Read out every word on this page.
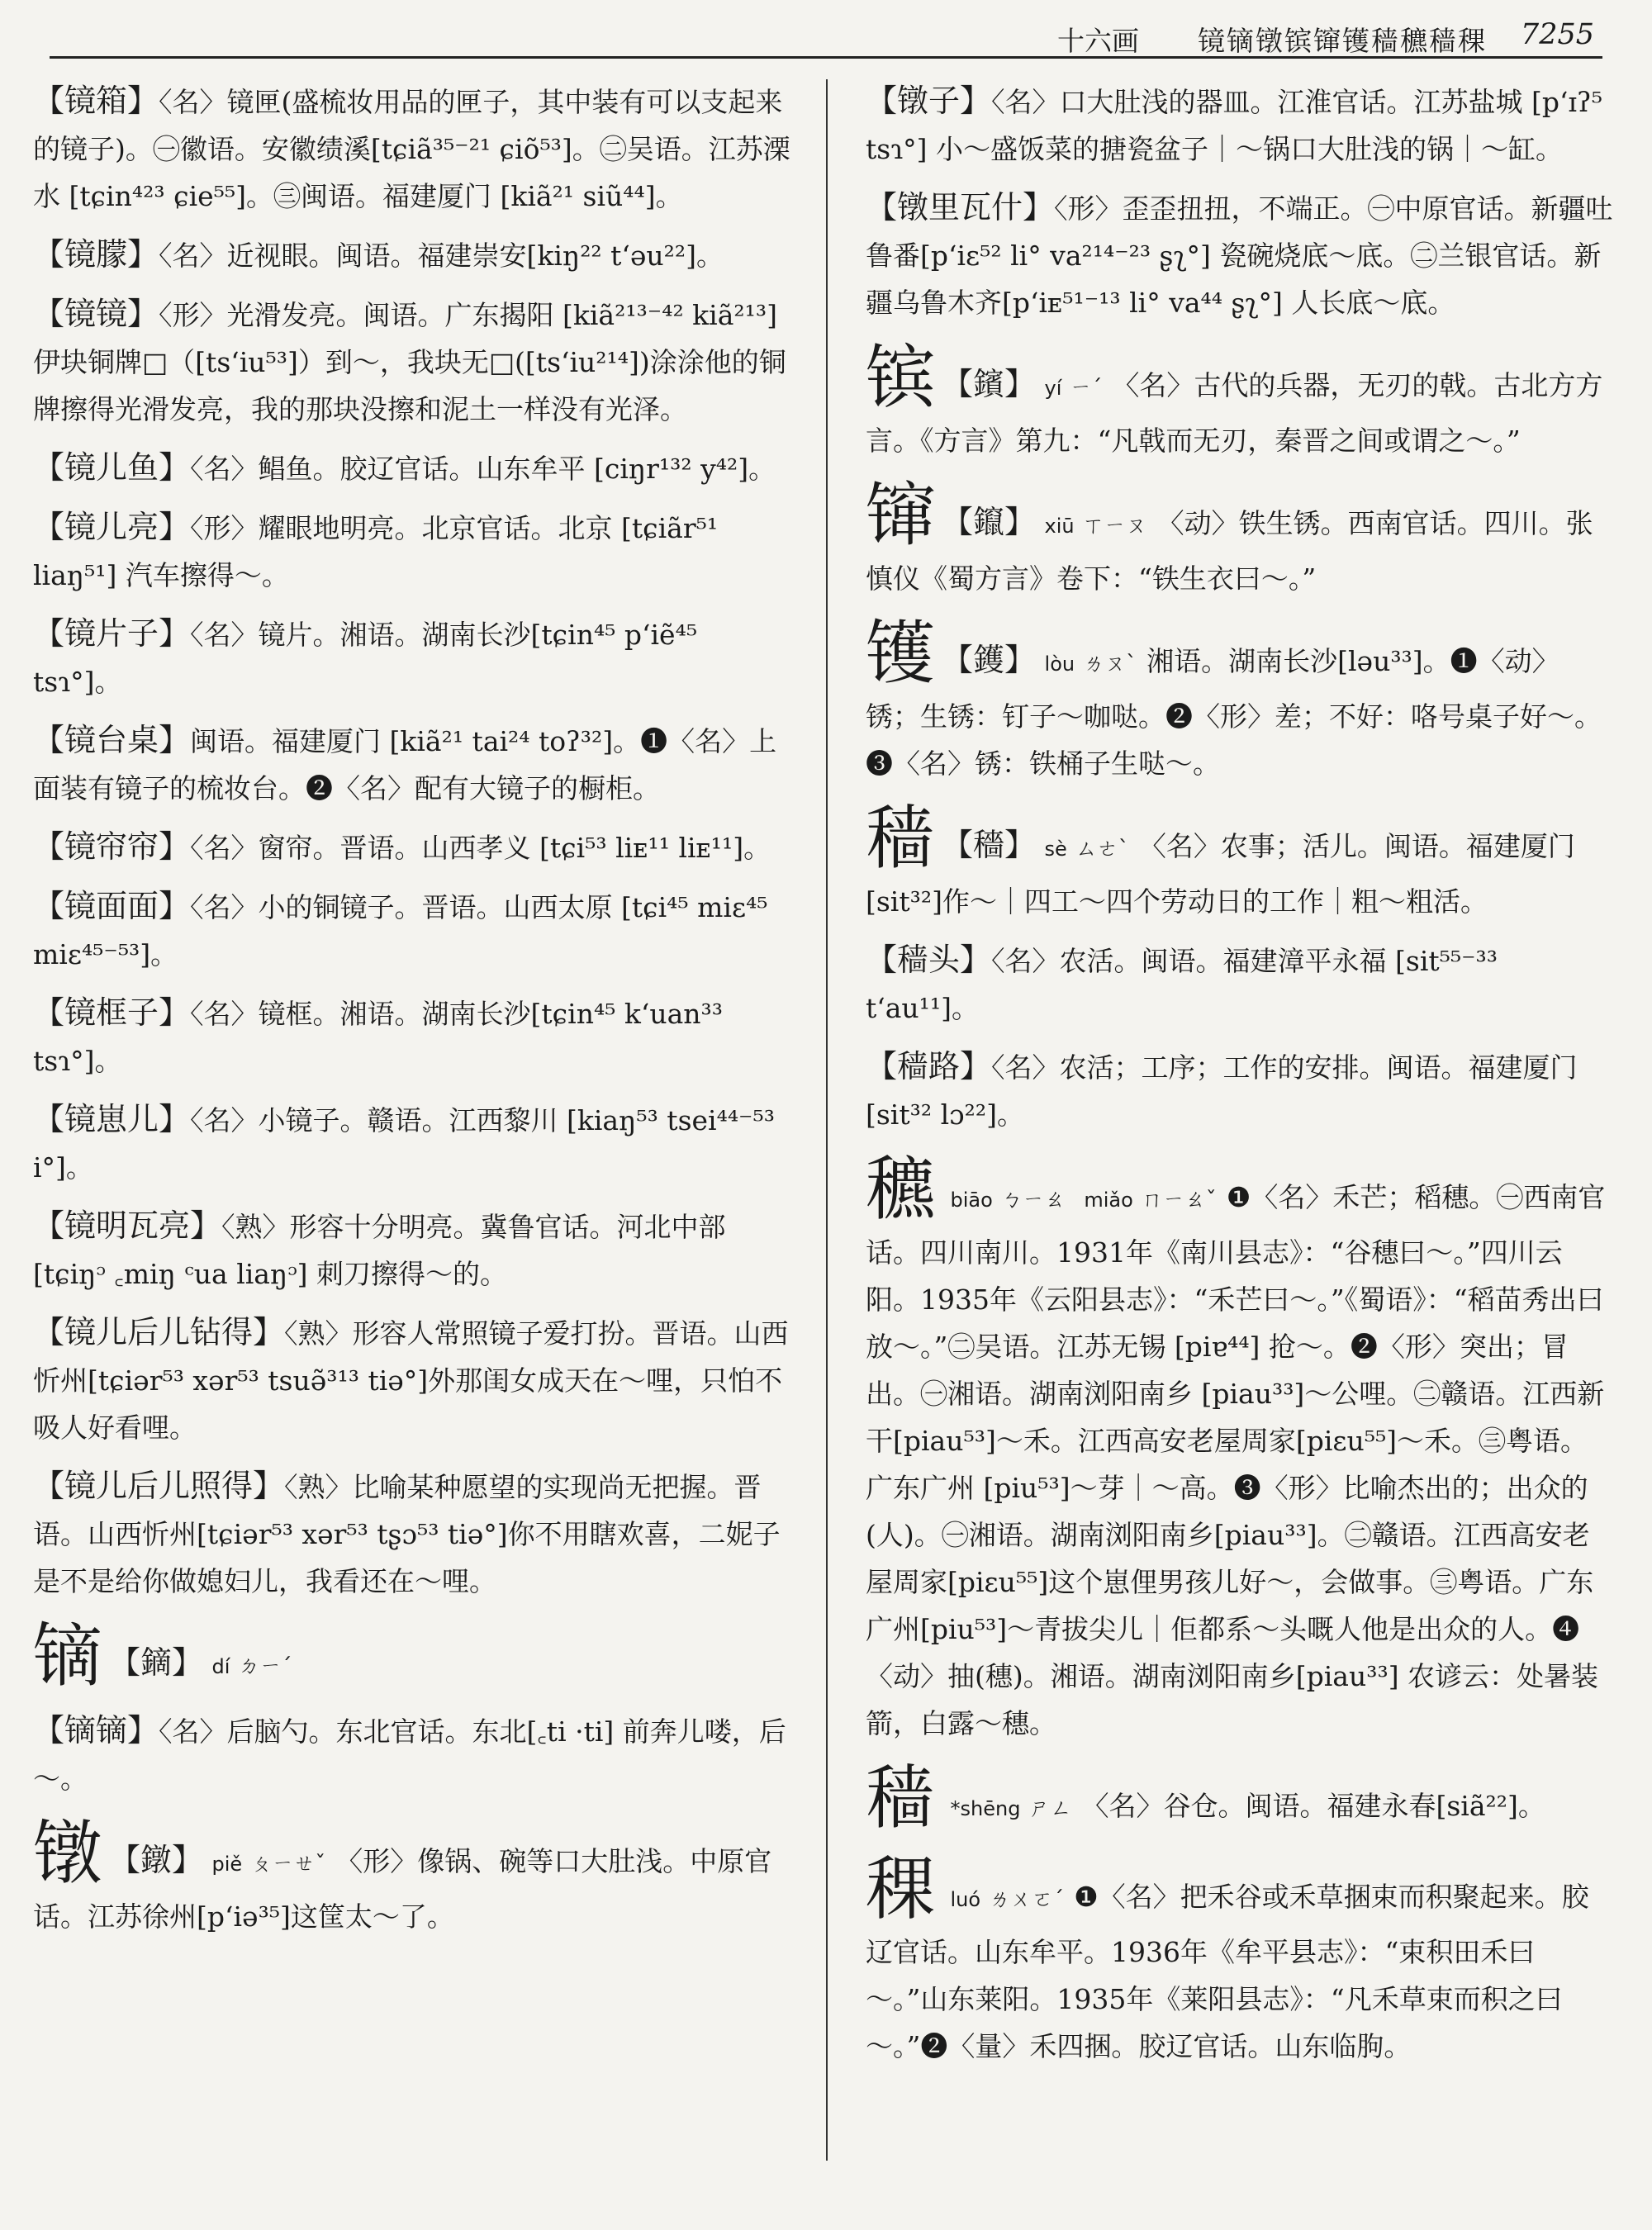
十六画 镜镝镦镔镩镬穑穮穑稞 7255
【镜箱】〈名〉镜匣(盛梳妆用品的匣子，其中装有可以支起来的镜子)。㊀徽语。安徽绩溪[tɕiã³⁵⁻²¹ ɕiõ⁵³]。㊁吴语。江苏溧水 [tɕin⁴²³ ɕie⁵⁵]。㊂闽语。福建厦门 [kiã²¹ siũ⁴⁴]。
【镜朦】〈名〉近视眼。闽语。福建崇安[kiŋ²² t‘əu²²]。
【镜镜】〈形〉光滑发亮。闽语。广东揭阳 [kiã²¹³⁻⁴² kiã²¹³] 伊块铜牌□（[ts‘iu⁵³]）到～，我块无□([ts‘iu²¹⁴])涂涂他的铜牌擦得光滑发亮，我的那块没擦和泥土一样没有光泽。
【镜儿鱼】〈名〉鲳鱼。胶辽官话。山东牟平 [ciŋr¹³² y⁴²]。
【镜儿亮】〈形〉耀眼地明亮。北京官话。北京 [tɕiãr⁵¹ liaŋ⁵¹] 汽车擦得～。
【镜片子】〈名〉镜片。湘语。湖南长沙[tɕin⁴⁵ p‘iẽ⁴⁵ tsɿ°]。
【镜台桌】闽语。福建厦门 [kiã²¹ tai²⁴ toʔ³²]。❶〈名〉上面装有镜子的梳妆台。❷〈名〉配有大镜子的橱柜。
【镜帘帘】〈名〉窗帘。晋语。山西孝义 [tɕi⁵³ liᴇ¹¹ liᴇ¹¹]。
【镜面面】〈名〉小的铜镜子。晋语。山西太原 [tɕi⁴⁵ miɛ⁴⁵ miɛ⁴⁵⁻⁵³]。
【镜框子】〈名〉镜框。湘语。湖南长沙[tɕin⁴⁵ k‘uan³³ tsɿ°]。
【镜崽儿】〈名〉小镜子。赣语。江西黎川 [kiaŋ⁵³ tsei⁴⁴⁻⁵³ i°]。
【镜明瓦亮】〈熟〉形容十分明亮。冀鲁官话。河北中部 [tɕiŋᵓ ꜀miŋ ᶜua liaŋᵓ] 刺刀擦得～的。
【镜儿后儿钻得】〈熟〉形容人常照镜子爱打扮。晋语。山西忻州[tɕiər⁵³ xər⁵³ tsuə̃³¹³ tiə°]外那闺女成天在～哩，只怕不吸人好看哩。
【镜儿后儿照得】〈熟〉比喻某种愿望的实现尚无把握。晋语。山西忻州[tɕiər⁵³ xər⁵³ tʂɔ⁵³ tiə°]你不用瞎欢喜，二妮子是不是给你做媳妇儿，我看还在～哩。
镝 【鏑】 dí ㄉㄧˊ
【镝镝】〈名〉后脑勺。东北官话。东北[꜀ti ·ti] 前奔儿喽，后～。
镦 【鐓】 piě ㄆㄧㄝˇ 〈形〉像锅、碗等口大肚浅。中原官话。江苏徐州[p‘iə³⁵]这筐太～了。
【镦子】〈名〉口大肚浅的器皿。江淮官话。江苏盐城 [p‘ɪʔ⁵ tsɿ°] 小～盛饭菜的搪瓷盆子｜～锅口大肚浅的锅｜～缸。
【镦里瓦什】〈形〉歪歪扭扭，不端正。㊀中原官话。新疆吐鲁番[p‘iɛ⁵² li° va²¹⁴⁻²³ ʂʅ°] 瓷碗烧底～底。㊁兰银官话。新疆乌鲁木齐[p‘iᴇ⁵¹⁻¹³ li° va⁴⁴ ʂʅ°] 人长底～底。
镔 【鑌】 yí ㄧˊ 〈名〉古代的兵器，无刃的戟。古北方方言。《方言》第九：“凡戟而无刃，秦晋之间或谓之～。”
镩 【鑹】 xiū ㄒㄧㄡ 〈动〉铁生锈。西南官话。四川。张慎仪《蜀方言》卷下：“铁生衣曰～。”
镬 【鑊】 lòu ㄌㄡˋ 湘语。湖南长沙[ləu³³]。❶〈动〉锈；生锈：钉子～咖哒。❷〈形〉差；不好：咯号桌子好～。❸〈名〉锈：铁桶子生哒～。
穑 【穡】 sè ㄙㄜˋ 〈名〉农事；活儿。闽语。福建厦门[sit³²]作～｜四工～四个劳动日的工作｜粗～粗活。
【穑头】〈名〉农活。闽语。福建漳平永福 [sit⁵⁵⁻³³ t‘au¹¹]。
【穑路】〈名〉农活；工序；工作的安排。闽语。福建厦门[sit³² lɔ²²]。
穮 biāo ㄅㄧㄠ miǎo ㄇㄧㄠˇ ❶〈名〉禾芒；稻穗。㊀西南官话。四川南川。1931年《南川县志》：“谷穗曰～。”四川云阳。1935年《云阳县志》：“禾芒曰～。”《蜀语》：“稻苗秀出曰放～。”㊁吴语。江苏无锡 [piɐ⁴⁴] 抢～。❷〈形〉突出；冒出。㊀湘语。湖南浏阳南乡 [piau³³]～公哩。㊁赣语。江西新干[piau⁵³]～禾。江西高安老屋周家[piɛu⁵⁵]～禾。㊂粤语。广东广州 [piu⁵³]～芽｜～高。❸〈形〉比喻杰出的；出众的(人)。㊀湘语。湖南浏阳南乡[piau³³]。㊁赣语。江西高安老屋周家[piɛu⁵⁵]这个崽俚男孩儿好～，会做事。㊂粤语。广东广州[piu⁵³]～青拔尖儿｜佢都系～头嘅人他是出众的人。❹〈动〉抽(穗)。湘语。湖南浏阳南乡[piau³³] 农谚云：处暑装箭，白露～穗。
穑 *shēng ㄕㄥ 〈名〉谷仓。闽语。福建永春[siã²²]。
稞 luó ㄌㄨㄛˊ ❶〈名〉把禾谷或禾草捆束而积聚起来。胶辽官话。山东牟平。1936年《牟平县志》：“束积田禾曰～。”山东莱阳。1935年《莱阳县志》：“凡禾草束而积之曰～。”❷〈量〉禾四捆。胶辽官话。山东临朐。
